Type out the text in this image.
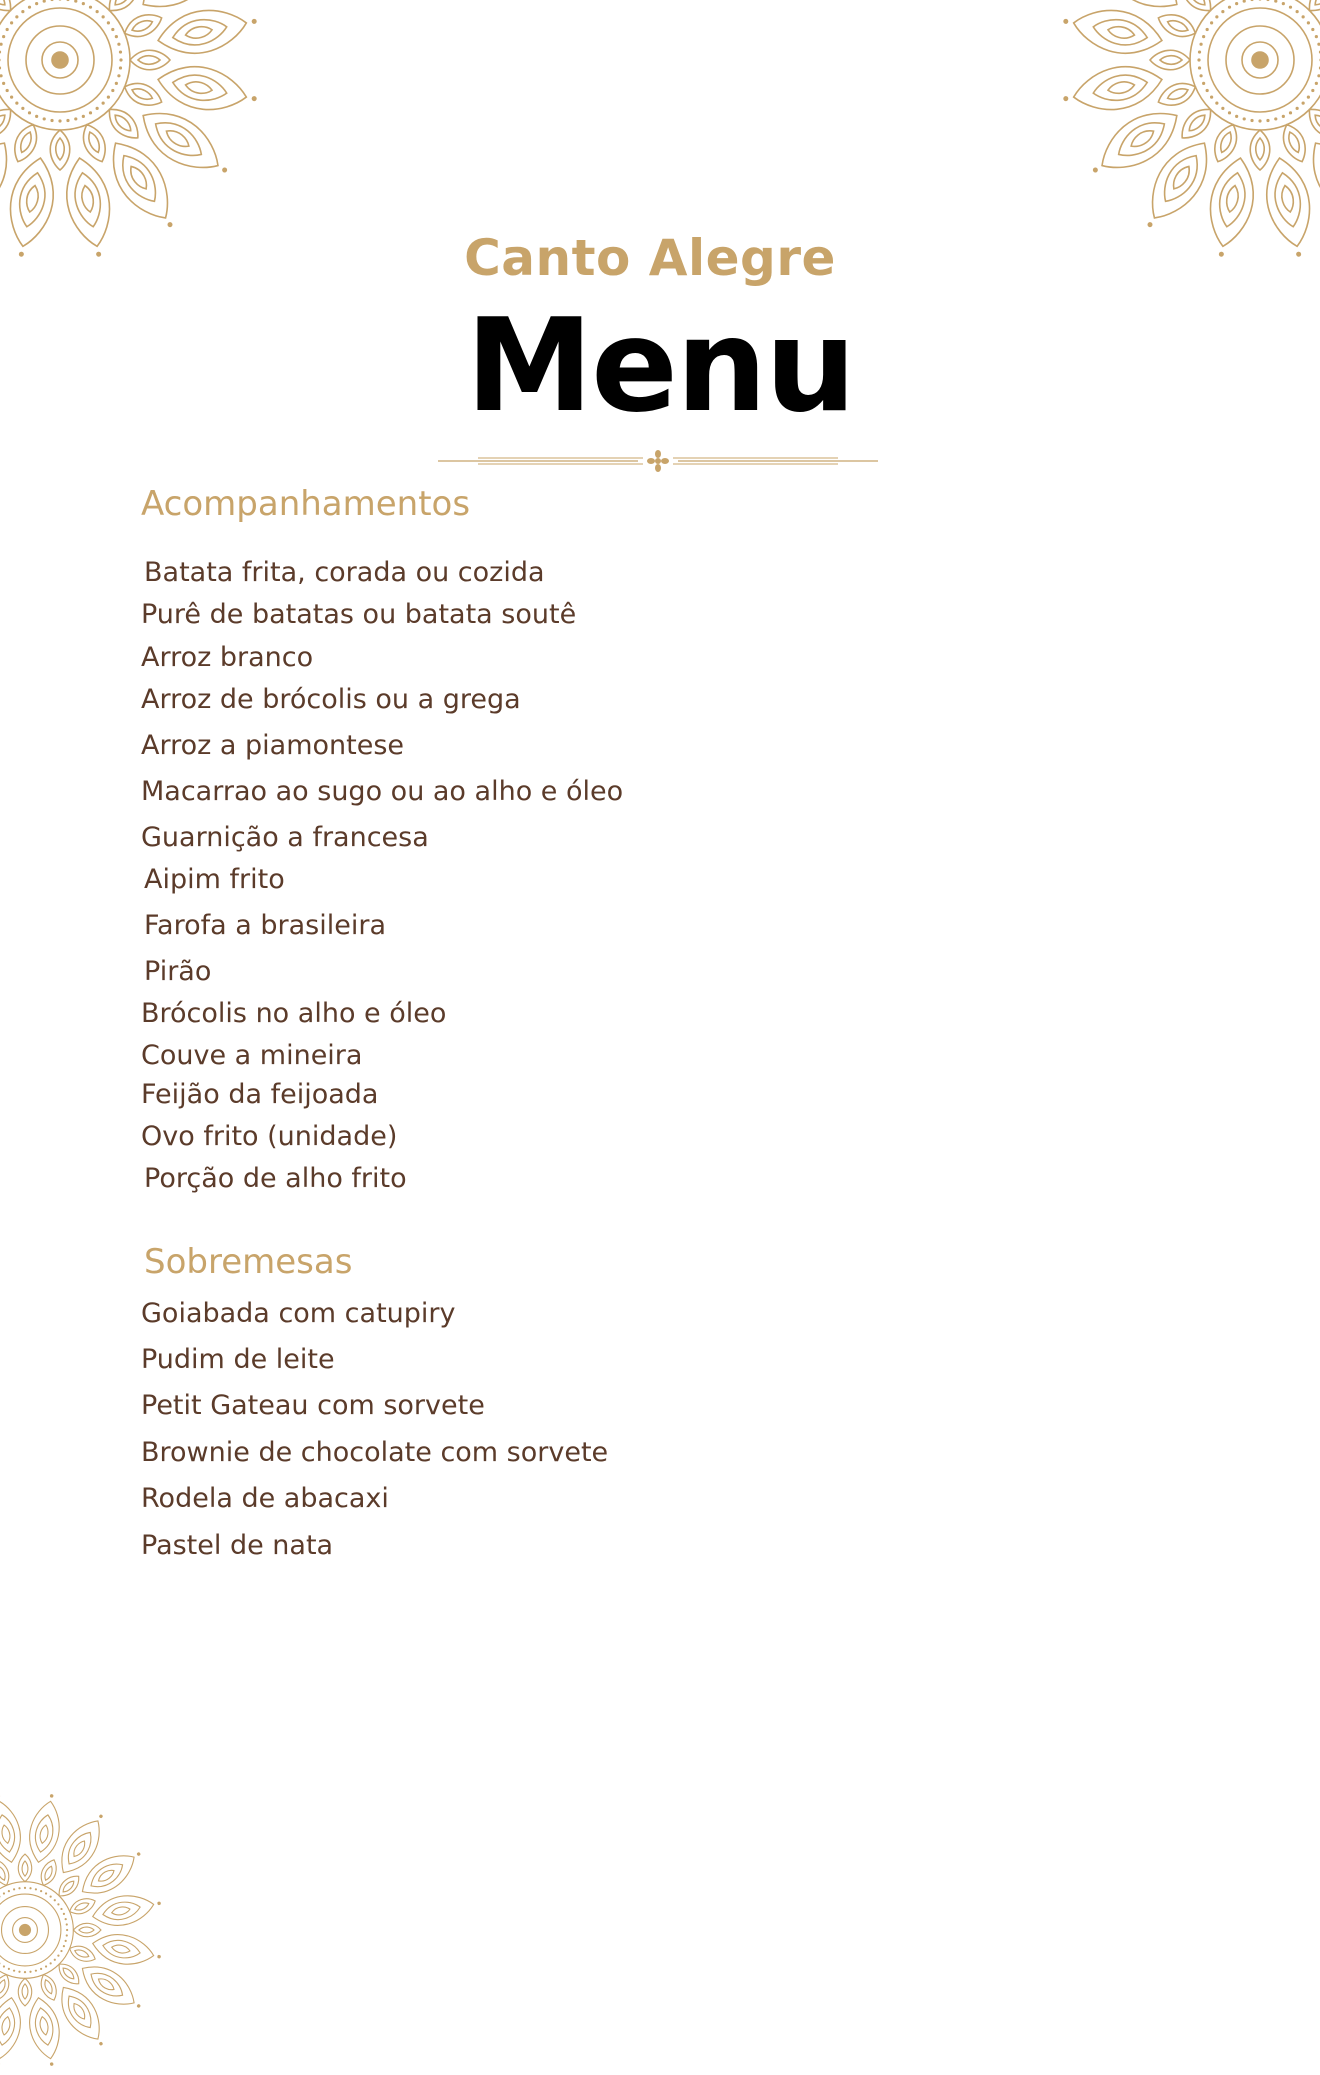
Canto Alegre
Menu
Acompanhamentos
Batata frita, corada ou cozida
Purê de batatas ou batata soutê
Arroz branco
Arroz de brócolis ou a grega
Arroz a piamontese
Macarrao ao sugo ou ao alho e óleo
Guarnição a francesa
Aipim frito
Farofa a brasileira
Pirão
Brócolis no alho e óleo
Couve a mineira
Feijão da feijoada
Ovo frito (unidade)
Porção de alho frito
Sobremesas
Goiabada com catupiry
Pudim de leite
Petit Gateau com sorvete
Brownie de chocolate com sorvete
Rodela de abacaxi
Pastel de nata
